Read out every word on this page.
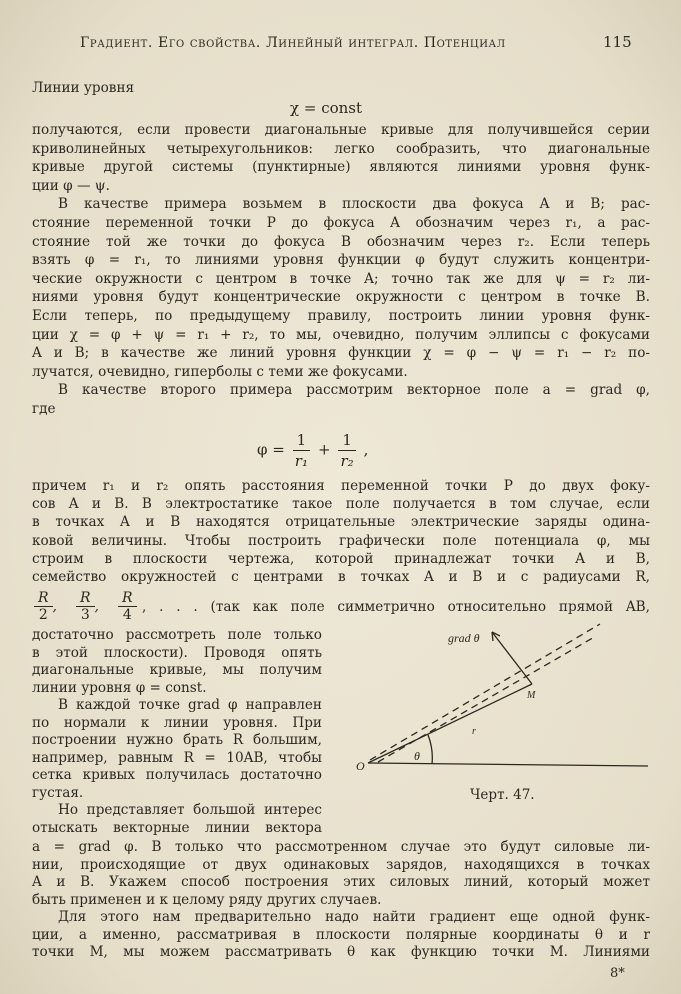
Градиент. Его свойства. Линейный интеграл. Потенциал	115
Линии уровня
χ = const
получаются, если провести диагональные кривые для получившейся серии
криволинейных четырехугольников: легко сообразить, что диагональные
кривые другой системы (пунктирные) являются линиями уровня функ-
ции φ — ψ.
В качестве примера возьмем в плоскости два фокуса A и B; рас-
стояние переменной точки P до фокуса A обозначим через r₁, а рас-
стояние той же точки до фокуса B обозначим через r₂. Если теперь
взять φ = r₁, то линиями уровня функции φ будут служить концентри-
ческие окружности с центром в точке A; точно так же для ψ = r₂ ли-
ниями уровня будут концентрические окружности с центром в точке B.
Если теперь, по предыдущему правилу, построить линии уровня функ-
ции χ = φ + ψ = r₁ + r₂, то мы, очевидно, получим эллипсы с фокусами
A и B; в качестве же линий уровня функции χ = φ − ψ = r₁ − r₂ по-
лучатся, очевидно, гиперболы с теми же фокусами.
В качестве второго примера рассмотрим векторное поле a = grad φ,
где
$\varphi = \frac{1}{\text{r₁}} + \frac{1}{\text{r₂}}$ ,
причем r₁ и r₂ опять расстояния переменной точки P до двух фоку-
сов A и B. В электростатике такое поле получается в том случае, если
в точках A и B находятся отрицательные электрические заряды одина-
ковой величины. Чтобы построить графически поле потенциала φ, мы
строим в плоскости чертежа, которой принадлежат точки A и B,
семейство окружностей с центрами в точках A и B и с радиусами R,
$\frac{R}{2}$ , $\frac{R}{3}$ , $\frac{R}{4}$ , . . . (так как поле симметрично относительно прямой AB,
достаточно рассмотреть поле только
в этой плоскости). Проводя опять
диагональные кривые, мы получим
линии уровня φ = const.
В каждой точке grad φ направлен
по нормали к линии уровня. При
построении нужно брать R большим,
например, равным R = 10AB, чтобы
сетка кривых получилась достаточно
густая.
Но представляет большой интерес
отыскать векторные линии вектора
a = grad φ. В только что рассмотренном случае это будут силовые ли-
нии, происходящие от двух одинаковых зарядов, находящихся в точках
A и B. Укажем способ построения этих силовых линий, который может
быть применен и к целому ряду других случаев.
Для этого нам предварительно надо найти градиент еще одной функ-
ции, а именно, рассматривая в плоскости полярные координаты θ и r
точки M, мы можем рассматривать θ как функцию точки M. Линиями
grad θ
M
r
θ
O
Черт. 47.
8*
